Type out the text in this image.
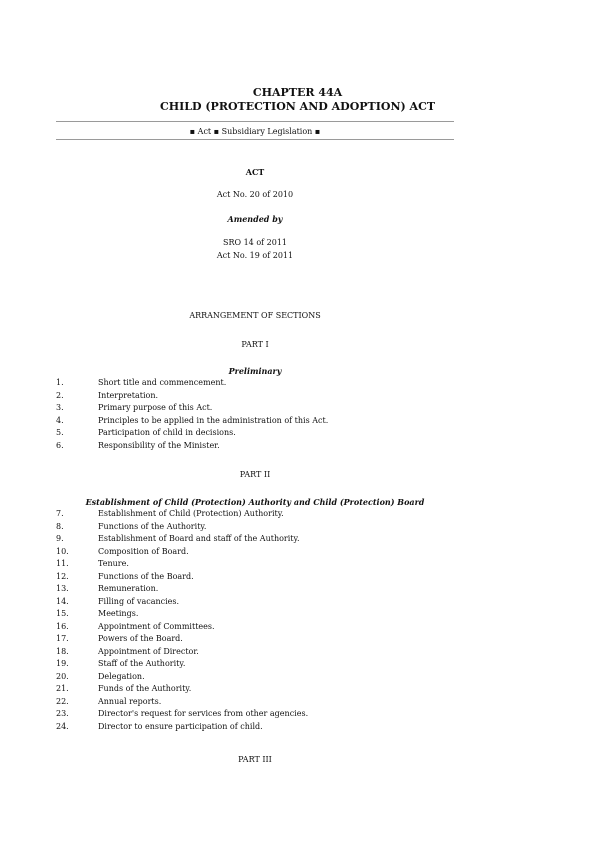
CHAPTER 44A
CHILD (PROTECTION AND ADOPTION) ACT
▪ Act ▪ Subsidiary Legislation ▪
ACT
Act No. 20 of 2010
Amended by
SRO 14 of 2011
Act No. 19 of 2011
ARRANGEMENT OF SECTIONS
PART I
Preliminary
1.	Short title and commencement.
2.	Interpretation.
3.	Primary purpose of this Act.
4.	Principles to be applied in the administration of this Act.
5.	Participation of child in decisions.
6.	Responsibility of the Minister.
PART II
Establishment of Child (Protection) Authority and Child (Protection) Board
7.	Establishment of Child (Protection) Authority.
8.	Functions of the Authority.
9.	Establishment of Board and staff of the Authority.
10.	Composition of Board.
11.	Tenure.
12.	Functions of the Board.
13.	Remuneration.
14.	Filling of vacancies.
15.	Meetings.
16.	Appointment of Committees.
17.	Powers of the Board.
18.	Appointment of Director.
19.	Staff of the Authority.
20.	Delegation.
21.	Funds of the Authority.
22.	Annual reports.
23.	Director's request for services from other agencies.
24.	Director to ensure participation of child.
PART III
